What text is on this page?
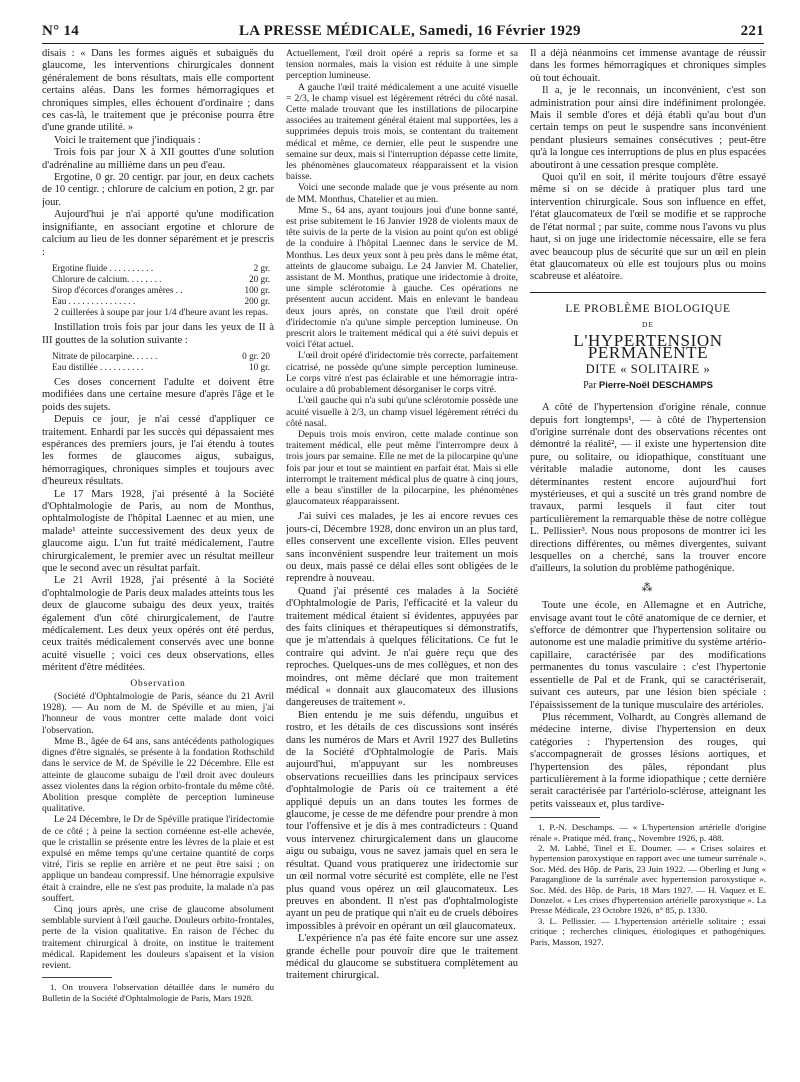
N° 14	LA PRESSE MÉDICALE, Samedi, 16 Février 1929	221

disais : « Dans les formes aiguës et subaiguës du glaucome, les interventions chirurgicales donnent généralement de bons résultats, mais elle comportent certains aléas. Dans les formes hémorragiques et chroniques simples, elles échouent d'ordinaire ; dans ces cas-là, le traitement que je préconise pourra être d'une grande utilité. »

Voici le traitement que j'indiquais :

Trois fois par jour X à XII gouttes d'une solution d'adrénaline au millième dans un peu d'eau.

Ergotine, 0 gr. 20 centigr. par jour, en deux cachets de 10 centigr. ; chlorure de calcium en potion, 2 gr. par jour.

Aujourd'hui je n'ai apporté qu'une modification insignifiante, en associant ergotine et chlorure de calcium au lieu de les donner séparément et je prescris :

Ergotine fluide . . . . . . . . . .	2 gr.
Chlorure de calcium. . . . . . . .	20 gr.
Sirop d'écorces d'oranges amères . .	100 gr.
Eau . . . . . . . . . . . . . . .	200 gr.

2 cuillerées à soupe par jour 1/4 d'heure avant les repas.

Instillation trois fois par jour dans les yeux de II à III gouttes de la solution suivante :

Nitrate de pilocarpine. . . . . .	0 gr. 20
Eau distillée . . . . . . . . . .	10 gr.

Ces doses concernent l'adulte et doivent être modifiées dans une certaine mesure d'après l'âge et le poids des sujets.

Depuis ce jour, je n'ai cessé d'appliquer ce traitement. Enhardi par les succès qui dépassaient mes espérances des premiers jours, je l'ai étendu à toutes les formes de glaucomes aigus, subaigus, hémorragiques, chroniques simples et toujours avec d'heureux résultats.

Le 17 Mars 1928, j'ai présenté à la Société d'Ophtalmologie de Paris, au nom de Monthus, ophtalmologiste de l'hôpital Laennec et au mien, une malade¹ atteinte successivement des deux yeux de glaucome aigu. L'un fut traité médicalement, l'autre chirurgicalement, le premier avec un résultat meilleur que le second avec un résultat parfait.

Le 21 Avril 1928, j'ai présenté à la Société d'ophtalmologie de Paris deux malades atteints tous les deux de glaucome subaigu des deux yeux, traités également d'un côté chirurgicalement, de l'autre médicalement. Les deux yeux opérés ont été perdus, ceux traités médicalement conservés avec une bonne acuité visuelle ; voici ces deux observations, elles méritent d'être méditées.

Observation

(Société d'Ophtalmologie de Paris, séance du 21 Avril 1928). — Au nom de M. de Spéville et au mien, j'ai l'honneur de vous montrer cette malade dont voici l'observation.

Mme B., âgée de 64 ans, sans antécédents pathologiques dignes d'être signalés, se présente à la fondation Rothschild dans le service de M. de Spéville le 22 Décembre. Elle est atteinte de glaucome subaigu de l'œil droit avec douleurs assez violentes dans la région orbito-frontale du même côté. Abolition presque complète de perception lumineuse qualitative.

Le 24 Décembre, le Dr de Spéville pratique l'iridectomie de ce côté ; à peine la section cornéenne est-elle achevée, que le cristallin se présente entre les lèvres de la plaie et est expulsé en même temps qu'une certaine quantité de corps vitré, l'iris se replie en arrière et ne peut être saisi ; on applique un bandeau compressif. Une hémorragie expulsive était à craindre, elle ne s'est pas produite, la malade n'a pas souffert.

Cinq jours après, une crise de glaucome absolument semblable survient à l'œil gauche. Douleurs orbito-frontales, perte de la vision qualitative. En raison de l'échec du traitement chirurgical à droite, on institue le traitement médical. Rapidement les douleurs s'apaisent et la vision revient.

1. On trouvera l'observation détaillée dans le numéro du Bulletin de la Société d'Ophtalmologie de Paris, Mars 1928.

Actuellement, l'œil droit opéré a repris sa forme et sa tension normales, mais la vision est réduite à une simple perception lumineuse.

A gauche l'œil traité médicalement a une acuité visuelle = 2/3, le champ visuel est légèrement rétréci du côté nasal. Cette malade trouvant que les instillations de pilocarpine associées au traitement général étaient mal supportées, les a supprimées depuis trois mois, se contentant du traitement médical et même, ce dernier, elle peut le suspendre une semaine sur deux, mais si l'interruption dépasse cette limite, les phénomènes glaucomateux réapparaissent et la vision baisse.

Voici une seconde malade que je vous présente au nom de MM. Monthus, Chatelier et au mien.

Mme S., 64 ans, ayant toujours joui d'une bonne santé, est prise subitement le 16 Janvier 1928 de violents maux de tête suivis de la perte de la vision au point qu'on est obligé de la conduire à l'hôpital Laennec dans le service de M. Monthus. Les deux yeux sont à peu près dans le même état, atteints de glaucome subaigu. Le 24 Janvier M. Chatelier, assistant de M. Monthus, pratique une iridectomie à droite, une simple sclérotomie à gauche. Ces opérations ne présentent aucun accident. Mais en enlevant le bandeau deux jours après, on constate que l'œil droit opéré d'iridectomie n'a qu'une simple perception lumineuse. On prescrit alors le traitement médical qui a été suivi depuis et voici l'état actuel.

L'œil droit opéré d'iridectomie très correcte, parfaitement cicatrisé, ne possède qu'une simple perception lumineuse. Le corps vitré n'est pas éclairable et une hémorragie intra-oculaire a dû probablement désorganiser le corps vitré.

L'œil gauche qui n'a subi qu'une sclérotomie possède une acuité visuelle à 2/3, un champ visuel légèrement rétréci du côté nasal.

Depuis trois mois environ, cette malade continue son traitement médical, elle peut même l'interrompre deux à trois jours par semaine. Elle ne met de la pilocarpine qu'une fois par jour et tout se maintient en parfait état. Mais si elle interrompt le traitement médical plus de quatre à cinq jours, elle a beau s'instiller de la pilocarpine, les phénomènes glaucomateux réapparaissent.

J'ai suivi ces malades, je les ai encore revues ces jours-ci, Décembre 1928, donc environ un an plus tard, elles conservent une excellente vision. Elles peuvent sans inconvénient suspendre leur traitement un mois ou deux, mais passé ce délai elles sont obligées de le reprendre à nouveau.

Quand j'ai présenté ces malades à la Société d'Ophtalmologie de Paris, l'efficacité et la valeur du traitement médical étaient si évidentes, appuyées par des faits cliniques et thérapeutiques si démonstratifs, que je m'attendais à quelques félicitations. Ce fut le contraire qui advint. Je n'ai guère reçu que des reproches. Quelques-uns de mes collègues, et non des moindres, ont même déclaré que mon traitement médical « donnait aux glaucomateux des illusions dangereuses de traitement ».

Bien entendu je me suis défendu, unguibus et rostro, et les détails de ces discussions sont insérés dans les numéros de Mars et Avril 1927 des Bulletins de la Société d'Ophtalmologie de Paris. Mais aujourd'hui, m'appuyant sur les nombreuses observations recueillies dans les principaux services d'ophtalmologie de Paris où ce traitement a été appliqué depuis un an dans toutes les formes de glaucome, je cesse de me défendre pour prendre à mon tour l'offensive et je dis à mes contradicteurs : Quand vous intervenez chirurgicalement dans un glaucome aigu ou subaigu, vous ne savez jamais quel en sera le résultat. Quand vous pratiquerez une iridectomie sur un œil normal votre sécurité est complète, elle ne l'est plus quand vous opérez un œil glaucomateux. Les preuves en abondent. Il n'est pas d'ophtalmologiste ayant un peu de pratique qui n'ait eu de cruels déboires impossibles à prévoir en opérant un œil glaucomateux.

L'expérience n'a pas été faite encore sur une assez grande échelle pour pouvoir dire que le traitement médical du glaucome se substituera complètement au traitement chirurgical.

Il a déjà néanmoins cet immense avantage de réussir dans les formes hémorragiques et chroniques simples où tout échouait.

Il a, je le reconnais, un inconvénient, c'est son administration pour ainsi dire indéfiniment prolongée. Mais il semble d'ores et déjà établi qu'au bout d'un certain temps on peut le suspendre sans inconvénient pendant plusieurs semaines consécutives ; peut-être qu'à la longue ces interruptions de plus en plus espacées aboutiront à une cessation presque complète.

Quoi qu'il en soit, il mérite toujours d'être essayé même si on se décide à pratiquer plus tard une intervention chirurgicale. Sous son influence en effet, l'état glaucomateux de l'œil se modifie et se rapproche de l'état normal ; par suite, comme nous l'avons vu plus haut, si on juge une iridectomie nécessaire, elle se fera avec beaucoup plus de sécurité que sur un œil en plein état glaucomateux où elle est toujours plus ou moins scabreuse et aléatoire.

LE PROBLÈME BIOLOGIQUE
DE
L'HYPERTENSION PERMANENTE
DITE « SOLITAIRE »
Par Pierre-Noël DESCHAMPS

A côté de l'hypertension d'origine rénale, connue depuis fort longtemps¹, — à côté de l'hypertension d'origine surrénale dont des observations récentes ont démontré la réalité², — il existe une hypertension dite pure, ou solitaire, ou idiopathique, constituant une véritable maladie autonome, dont les causes déterminantes restent encore aujourd'hui fort mystérieuses, et qui a suscité un très grand nombre de travaux, parmi lesquels il faut citer tout particulièrement la remarquable thèse de notre collègue L. Pellissier³. Nous nous proposons de montrer ici les directions différentes, ou mêmes divergentes, suivant lesquelles on a cherché, sans la trouver encore d'ailleurs, la solution du problème pathogénique.

⁂

Toute une école, en Allemagne et en Autriche, envisage avant tout le côté anatomique de ce dernier, et s'efforce de démontrer que l'hypertension solitaire ou autonome est une maladie primitive du système artério-capillaire, caractérisée par des modifications permanentes du tonus vasculaire : c'est l'hypertonie essentielle de Pal et de Frank, qui se caractériserait, suivant ces auteurs, par une lésion bien spéciale : l'épaississement de la tunique musculaire des artérioles.

Plus récemment, Volhardt, au Congrès allemand de médecine interne, divise l'hypertension en deux catégories : l'hypertension des rouges, qui s'accompagnerait de grosses lésions aortiques, et l'hypertension des pâles, répondant plus particulièrement à la forme idiopathique ; cette dernière serait caractérisée par l'artériolo-sclérose, atteignant les petits vaisseaux et, plus tardive-

1. P.-N. Deschamps. — « L'hypertension artérielle d'origine rénale ». Pratique méd. franç., Novembre 1926, p. 488.

2. M. Labbé, Tinel et E. Doumer. — « Crises solaires et hypertension paroxystique en rapport avec une tumeur surrénale ». Soc. Méd. des Hôp. de Paris, 23 Juin 1922. — Oberling et Jung « Paraganglione de la surrénale avec hypertension paroxystique ». Soc. Méd. des Hôp. de Paris, 18 Mars 1927. — H. Vaquez et E. Donzelot. « Les crises d'hypertension artérielle paroxystique ». La Presse Médicale, 23 Octobre 1926, n° 85, p. 1330.

3. L. Pellissier. — L'hypertension artérielle solitaire ; essai critique ; recherches cliniques, étiologiques et pathogéniques. Paris, Masson, 1927.
